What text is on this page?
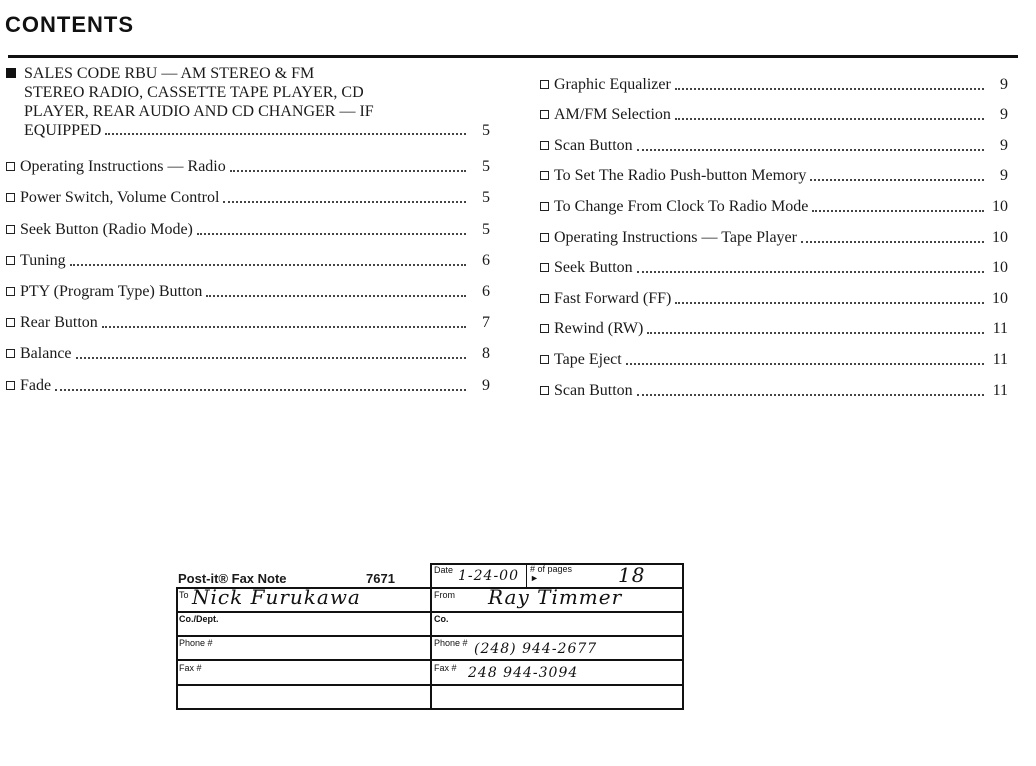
CONTENTS
SALES CODE RBU — AM STEREO & FM
STEREO RADIO, CASSETTE TAPE PLAYER, CD
PLAYER, REAR AUDIO AND CD CHANGER — IF
EQUIPPED	5
Operating Instructions — Radio	5
Power Switch, Volume Control	5
Seek Button (Radio Mode)	5
Tuning	6
PTY (Program Type) Button	6
Rear Button	7
Balance	8
Fade	9
Graphic Equalizer	9
AM/FM Selection	9
Scan Button	9
To Set The Radio Push-button Memory	9
To Change From Clock To Radio Mode	10
Operating Instructions — Tape Player	10
Seek Button	10
Fast Forward (FF)	10
Rewind (RW)	11
Tape Eject	11
Scan Button	11
Post-it® Fax Note	7671
Date 1-24-00 # of pages ►	18
To Nick Furukawa	From Ray Timmer
Co./Dept.	Co.
Phone #	Phone # (248) 944-2677
Fax #	Fax # 248 944-3094
